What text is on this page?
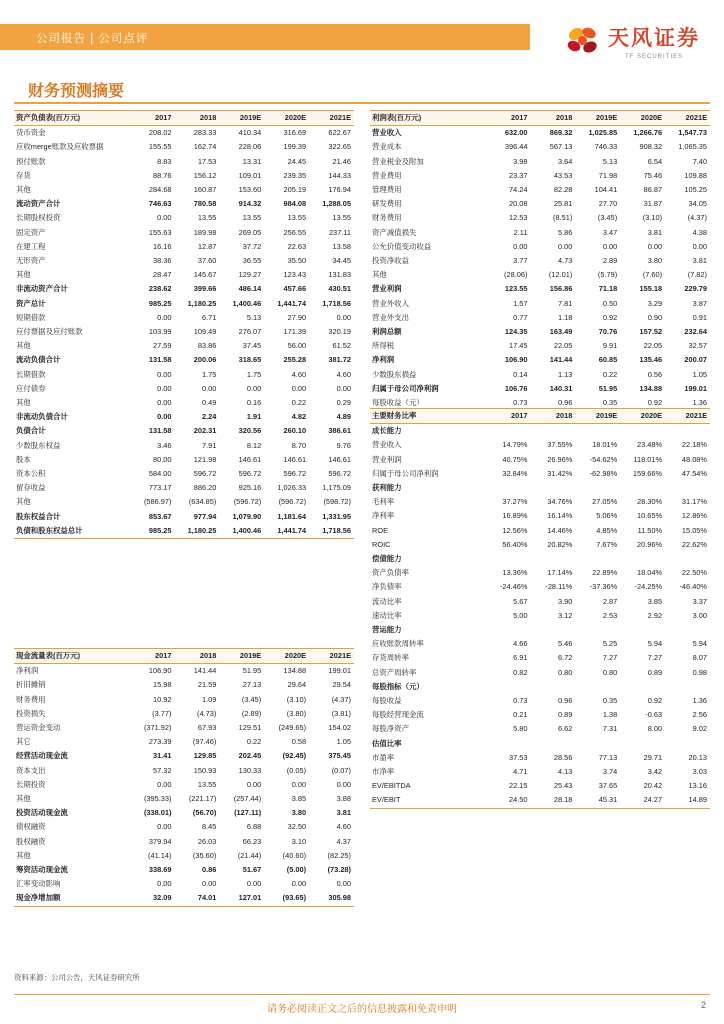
公司报告 | 公司点评	天风证券
TF SECURITIES
财务预测摘要
资产负债表(百万元)	2017	2018	2019E	2020E	2021E
货币资金	208.02	283.33	410.34	316.69	622.67
应收merge账款及应收票据	155.55	162.74	228.06	199.39	322.65
预付账款	8.83	17.53	13.31	24.45	21.46
存货	88.76	156.12	109.01	239.35	144.33
其他	284.68	160.87	153.60	205.19	176.94
流动资产合计	746.63	780.58	914.32	984.08	1,288.05
长期股权投资	0.00	13.55	13.55	13.55	13.55
固定资产	155.63	189.98	269.05	256.55	237.11
在建工程	16.16	12.87	37.72	22.63	13.58
无形资产	38.36	37.60	36.55	35.50	34.45
其他	28.47	145.67	129.27	123.43	131.83
非流动资产合计	238.62	399.66	486.14	457.66	430.51
资产总计	985.25	1,180.25	1,400.46	1,441.74	1,718.56
短期借款	0.00	6.71	5.13	27.90	0.00
应付票据及应付账款	103.99	109.49	276.07	171.39	320.19
其他	27.59	83.86	37.45	56.00	61.52
流动负债合计	131.58	200.06	318.65	255.28	381.72
长期借款	0.00	1.75	1.75	4.60	4.60
应付债券	0.00	0.00	0.00	0.00	0.00
其他	0.00	0.49	0.16	0.22	0.29
非流动负债合计	0.00	2.24	1.91	4.82	4.89
负债合计	131.58	202.31	320.56	260.10	386.61
少数股东权益	3.46	7.91	8.12	8.70	9.76
股本	80.00	121.98	146.61	146.61	146.61
资本公积	584.00	596.72	596.72	596.72	596.72
留存收益	773.17	886.20	925.16	1,026.33	1,175.09
其他	(586.97)	(634.85)	(596.72)	(596.72)	(598.72)
股东权益合计	853.67	977.94	1,079.90	1,181.64	1,331.95
负债和股东权益总计	985.25	1,180.25	1,400.46	1,441.74	1,718.56
利润表(百万元)	2017	2018	2019E	2020E	2021E
营业收入	632.00	869.32	1,025.85	1,266.76	1,547.73
营业成本	396.44	567.13	746.33	908.32	1,065.35
营业税金及附加	3.98	3.64	5.13	6.54	7.40
营业费用	23.37	43.53	71.98	75.46	109.88
管理费用	74.24	82.28	104.41	86.87	105.25
研发费用	20.08	25.81	27.70	31.87	34.05
财务费用	12.53	(8.51)	(3.45)	(3.10)	(4.37)
资产减值损失	2.11	5.86	3.47	3.81	4.38
公允价值变动收益	0.00	0.00	0.00	0.00	0.00
投资净收益	3.77	4.73	2.89	3.80	3.81
其他	(28.06)	(12.01)	(5.79)	(7.60)	(7.82)
营业利润	123.55	156.86	71.18	155.18	229.79
营业外收入	1.57	7.81	0.50	3.29	3.87
营业外支出	0.77	1.18	0.92	0.90	0.91
利润总额	124.35	163.49	70.76	157.52	232.64
所得税	17.45	22.05	9.91	22.05	32.57
净利润	106.90	141.44	60.85	135.46	200.07
少数股东损益	0.14	1.13	0.22	0.56	1.05
归属于母公司净利润	106.76	140.31	51.95	134.88	199.01
每股收益（元）	0.73	0.96	0.35	0.92	1.36
现金流量表(百万元)	2017	2018	2019E	2020E	2021E
净利润	106.90	141.44	51.95	134.88	199.01
折旧摊销	15.98	21.59	27.13	29.64	29.54
财务费用	10.92	1.09	(3.45)	(3.10)	(4.37)
投资损失	(3.77)	(4.73)	(2.89)	(3.80)	(3.81)
营运资金变动	(371.92)	67.93	129.51	(249.65)	154.02
其它	273.39	(97.46)	0.22	0.58	1.05
经营活动现金流	31.41	129.85	202.45	(92.45)	375.45
资本支出	57.32	150.93	130.33	(0.05)	(0.07)
长期投资	0.00	13.55	0.00	0.00	0.00
其他	(395.33)	(221.17)	(257.44)	3.85	3.88
投资活动现金流	(338.01)	(56.70)	(127.11)	3.80	3.81
债权融资	0.00	8.45	6.88	32.50	4.60
股权融资	379.94	26.03	66.23	3.10	4.37
其他	(41.14)	(35.60)	(21.44)	(40.60)	(82.25)
筹资活动现金流	338.69	0.86	51.67	(5.00)	(73.28)
汇率变动影响	0.00	0.00	0.00	0.00	0.00
现金净增加额	32.09	74.01	127.01	(93.65)	305.98
主要财务比率	2017	2018	2019E	2020E	2021E
成长能力					
营业收入	14.79%	37.55%	18.01%	23.48%	22.18%
营业利润	40.75%	26.96%	-54.62%	118.01%	48.08%
归属于母公司净利润	32.84%	31.42%	-62.98%	159.66%	47.54%
获利能力					
毛利率	37.27%	34.76%	27.05%	28.30%	31.17%
净利率	16.89%	16.14%	5.06%	10.65%	12.86%
ROE	12.56%	14.46%	4.85%	11.50%	15.05%
ROIC	56.40%	20.82%	7.67%	20.96%	22.62%
偿债能力					
资产负债率	13.36%	17.14%	22.89%	18.04%	22.50%
净负债率	-24.46%	-28.11%	-37.36%	-24.25%	-46.40%
流动比率	5.67	3.90	2.87	3.85	3.37
速动比率	5.00	3.12	2.53	2.92	3.00
营运能力					
应收账款周转率	4.66	5.46	5.25	5.94	5.94
存货周转率	6.91	6.72	7.27	7.27	8.07
总资产周转率	0.82	0.80	0.80	0.89	0.98
每股指标（元）					
每股收益	0.73	0.96	0.35	0.92	1.36
每股经营现金流	0.21	0.89	1.38	-0.63	2.56
每股净资产	5.80	6.62	7.31	8.00	9.02
估值比率					
市盈率	37.53	28.56	77.13	29.71	20.13
市净率	4.71	4.13	3.74	3.42	3.03
EV/EBITDA	22.15	25.43	37.65	20.42	13.16
EV/EBIT	24.50	28.18	45.31	24.27	14.89
资料来源：公司公告，天风证券研究所
请务必阅读正文之后的信息披露和免责申明	2
